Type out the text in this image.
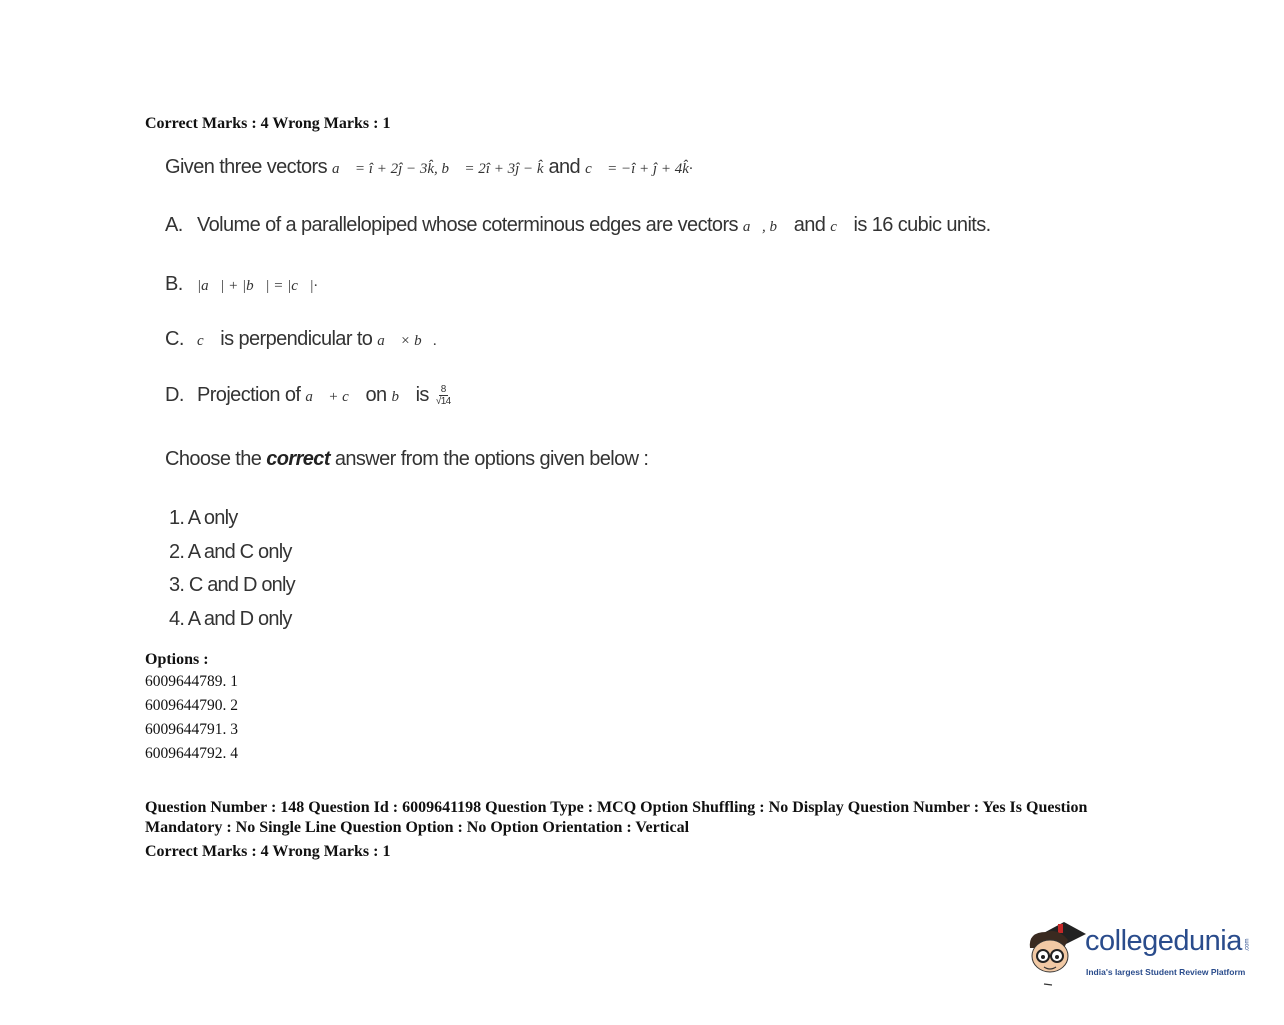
Correct Marks : 4 Wrong Marks : 1
Given three vectors a⃗ = î + 2ĵ − 3k̂, b⃗ = 2î + 3ĵ − k̂ and c⃗ = −î + ĵ + 4k̂·
A. Volume of a parallelopiped whose coterminous edges are vectors a⃗, b⃗ and c⃗ is 16 cubic units.
B. |a⃗| + |b⃗| = |c⃗|·
C. c⃗ is perpendicular to a⃗ × b⃗.
D. Projection of a⃗ + c⃗ on b⃗ is $\frac{8}{√14}$
Choose the correct answer from the options given below :
1. A only
2. A and C only
3. C and D only
4. A and D only
Options :
6009644789. 1
6009644790. 2
6009644791. 3
6009644792. 4
Question Number : 148 Question Id : 6009641198 Question Type : MCQ Option Shuffling : No Display Question Number : Yes Is Question Mandatory : No Single Line Question Option : No Option Orientation : Vertical
Correct Marks : 4 Wrong Marks : 1
collegedunia .com
India's largest Student Review Platform
